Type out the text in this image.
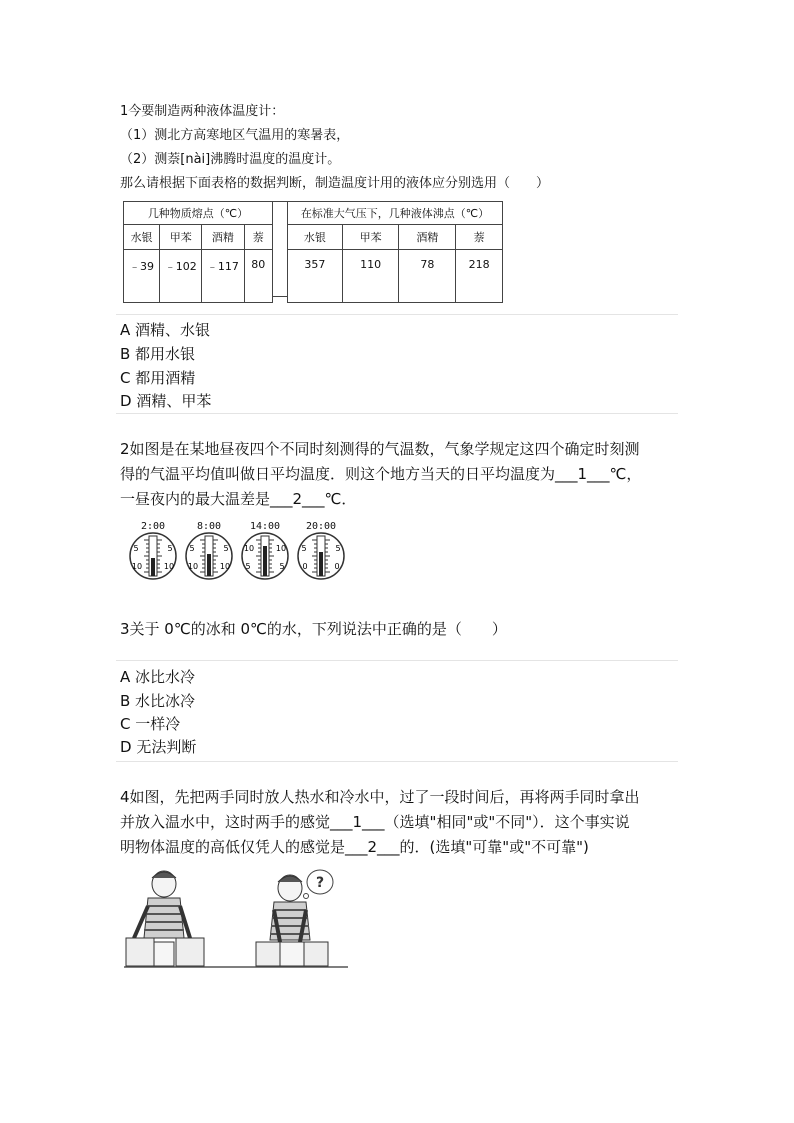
1今要制造两种液体温度计：
（1）测北方高寒地区气温用的寒暑表，
（2）测萘[nài]沸腾时温度的温度计。
那么请根据下面表格的数据判断，制造温度计用的液体应分别选用（　　）
几种物质熔点（℃）			
水银	甲苯	酒精	萘
﹣39	﹣102	﹣117	80
在标准大气压下，几种液体沸点（℃）			
水银	甲苯	酒精	萘
357	110	78	218
A 酒精、水银
B 都用水银
C 都用酒精
D 酒精、甲苯
2如图是在某地昼夜四个不同时刻测得的气温数，气象学规定这四个确定时刻测
得的气温平均值叫做日平均温度．则这个地方当天的日平均温度为___1___℃，
一昼夜内的最大温差是___2___℃．
2:00	8:00	14:00	20:00
5	5
10	10
5	5
10	10
10	10
5	5
5	5
0	0
3关于 0℃的冰和 0℃的水，下列说法中正确的是（　　）
A 冰比水冷
B 水比冰冷
C 一样冷
D 无法判断
4如图，先把两手同时放人热水和冷水中，过了一段时间后，再将两手同时拿出
并放入温水中，这时两手的感觉___1___（选填"相同"或"不同"）．这个事实说
明物体温度的高低仅凭人的感觉是___2___的．(选填"可靠"或"不可靠")
?
